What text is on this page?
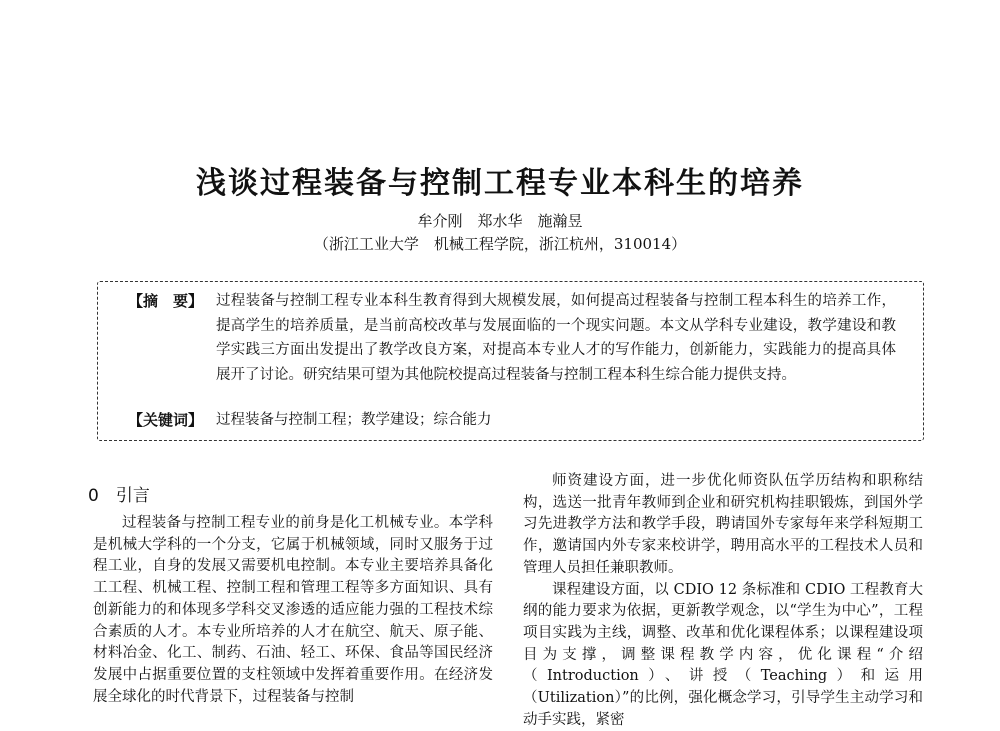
浅谈过程装备与控制工程专业本科生的培养
牟介刚　郑水华　施瀚昱
（浙江工业大学　机械工程学院，浙江杭州，310014）
【摘　要】 过程装备与控制工程专业本科生教育得到大规模发展，如何提高过程装备与控制工程本科生的培养工作，提高学生的培养质量，是当前高校改革与发展面临的一个现实问题。本文从学科专业建设，教学建设和教学实践三方面出发提出了教学改良方案，对提高本专业人才的写作能力，创新能力，实践能力的提高具体展开了讨论。研究结果可望为其他院校提高过程装备与控制工程本科生综合能力提供支持。
【关键词】 过程装备与控制工程；教学建设；综合能力
0　引言

过程装备与控制工程专业的前身是化工机械专业。本学科是机械大学科的一个分支，它属于机械领域，同时又服务于过程工业，自身的发展又需要机电控制。本专业主要培养具备化工工程、机械工程、控制工程和管理工程等多方面知识、具有创新能力的和体现多学科交叉渗透的适应能力强的工程技术综合素质的人才。本专业所培养的人才在航空、航天、原子能、材料冶金、化工、制药、石油、轻工、环保、食品等国民经济发展中占据重要位置的支柱领域中发挥着重要作用。在经济发展全球化的时代背景下，过程装备与控制

师资建设方面，进一步优化师资队伍学历结构和职称结构，选送一批青年教师到企业和研究机构挂职锻炼，到国外学习先进教学方法和教学手段，聘请国外专家每年来学科短期工作，邀请国内外专家来校讲学，聘用高水平的工程技术人员和管理人员担任兼职教师。

课程建设方面，以 CDIO 12 条标准和 CDIO 工程教育大纲的能力要求为依据，更新教学观念，以“学生为中心”，工程项目实践为主线，调整、改革和优化课程体系；以课程建设项目为支撑，调整课程教学内容，优化课程“介绍（Introduction）、讲授（Teaching）和运用（Utilization）”的比例，强化概念学习，引导学生主动学习和动手实践，紧密
